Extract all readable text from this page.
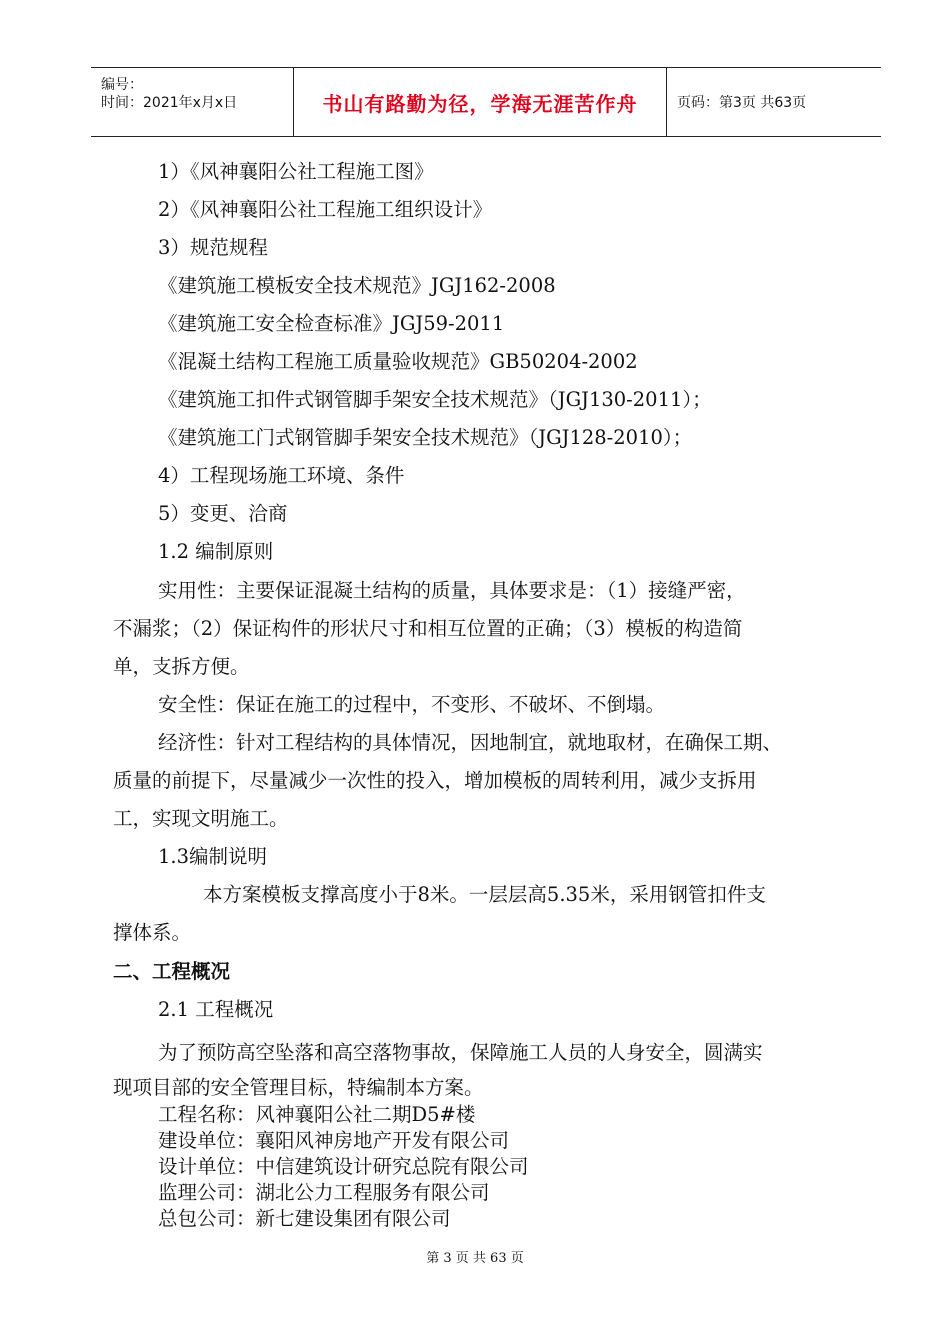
编号：
时间：2021年x月x日	书山有路勤为径，学海无涯苦作舟	页码：第3页 共63页
1）《风神襄阳公社工程施工图》
2）《风神襄阳公社工程施工组织设计》
3）规范规程
《建筑施工模板安全技术规范》JGJ162-2008
《建筑施工安全检查标准》JGJ59-2011
《混凝土结构工程施工质量验收规范》GB50204-2002
《建筑施工扣件式钢管脚手架安全技术规范》（JGJ130-2011）；
《建筑施工门式钢管脚手架安全技术规范》（JGJ128-2010）；
4）工程现场施工环境、条件
5）变更、洽商
1.2 编制原则
实用性：主要保证混凝土结构的质量，具体要求是：（1）接缝严密，
不漏浆；（2）保证构件的形状尺寸和相互位置的正确；（3）模板的构造简
单，支拆方便。
安全性：保证在施工的过程中，不变形、不破坏、不倒塌。
经济性：针对工程结构的具体情况，因地制宜，就地取材，在确保工期、
质量的前提下，尽量减少一次性的投入，增加模板的周转利用，减少支拆用
工，实现文明施工。
1.3编制说明
本方案模板支撑高度小于8米。一层层高5.35米，采用钢管扣件支
撑体系。
二、工程概况
2.1 工程概况
为了预防高空坠落和高空落物事故，保障施工人员的人身安全，圆满实
现项目部的安全管理目标，特编制本方案。
工程名称：风神襄阳公社二期D5#楼
建设单位：襄阳风神房地产开发有限公司
设计单位：中信建筑设计研究总院有限公司
监理公司：湖北公力工程服务有限公司
总包公司：新七建设集团有限公司
第 3 页 共 63 页
